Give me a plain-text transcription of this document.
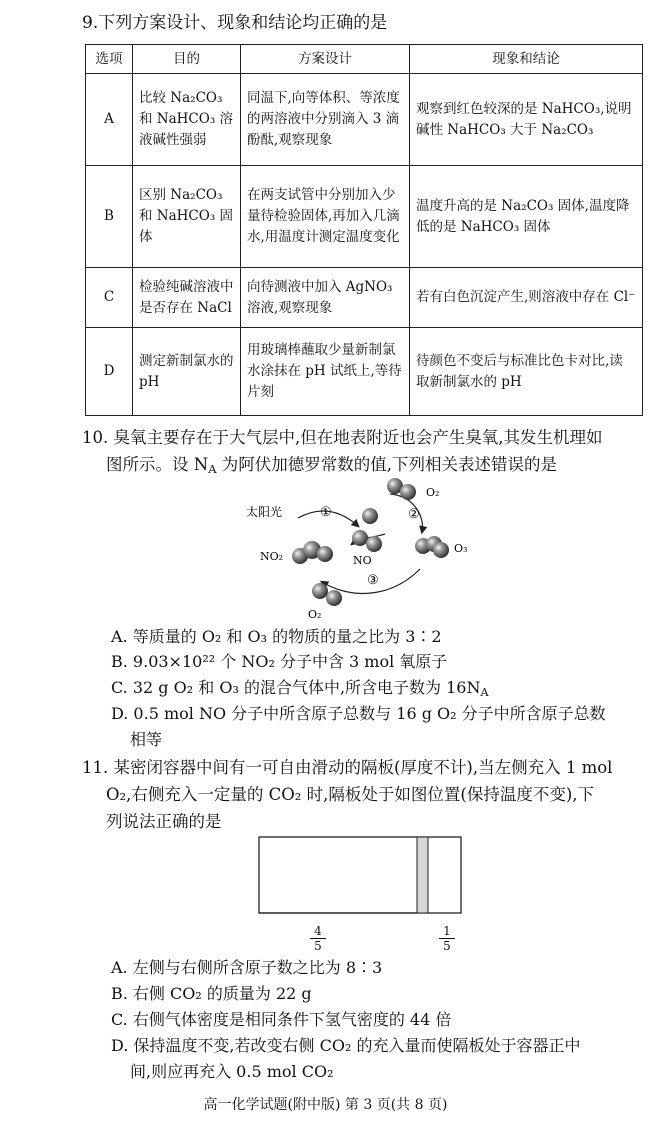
9.下列方案设计、现象和结论均正确的是
选项	目的	方案设计	现象和结论
A	比较 Na₂CO₃ 和 NaHCO₃ 溶液碱性强弱	同温下,向等体积、等浓度的两溶液中分别滴入 3 滴酚酞,观察现象	观察到红色较深的是 NaHCO₃,说明碱性 NaHCO₃ 大于 Na₂CO₃
B	区别 Na₂CO₃ 和 NaHCO₃ 固体	在两支试管中分别加入少量待检验固体,再加入几滴水,用温度计测定温度变化	温度升高的是 Na₂CO₃ 固体,温度降低的是 NaHCO₃ 固体
C	检验纯碱溶液中是否存在 NaCl	向待测液中加入 AgNO₃ 溶液,观察现象	若有白色沉淀产生,则溶液中存在 Cl⁻
D	测定新制氯水的 pH	用玻璃棒蘸取少量新制氯水涂抹在 pH 试纸上,等待片刻	待颜色不变后与标准比色卡对比,读取新制氯水的 pH
10. 臭氧主要存在于大气层中,但在地表附近也会产生臭氧,其发生机理如
图所示。设 $N_A$ 为阿伏加德罗常数的值,下列相关表述错误的是
太阳光	①	②
③
NO₂	NO
O₃
O₂
O₂
A. 等质量的 O₂ 和 O₃ 的物质的量之比为 3∶2
B. 9.03×10²² 个 NO₂ 分子中含 3 mol 氧原子
C. 32 g O₂ 和 O₃ 的混合气体中,所含电子数为 $16N_A$
D. 0.5 mol NO 分子中所含原子总数与 16 g O₂ 分子中所含原子总数
相等
11. 某密闭容器中间有一可自由滑动的隔板(厚度不计),当左侧充入 1 mol
O₂,右侧充入一定量的 CO₂ 时,隔板处于如图位置(保持温度不变),下
列说法正确的是
$\frac{4}{5}$	$\frac{1}{5}$
A. 左侧与右侧所含原子数之比为 8∶3
B. 右侧 CO₂ 的质量为 22 g
C. 右侧气体密度是相同条件下氢气密度的 44 倍
D. 保持温度不变,若改变右侧 CO₂ 的充入量而使隔板处于容器正中
间,则应再充入 0.5 mol CO₂
高一化学试题(附中版) 第 3 页(共 8 页)
